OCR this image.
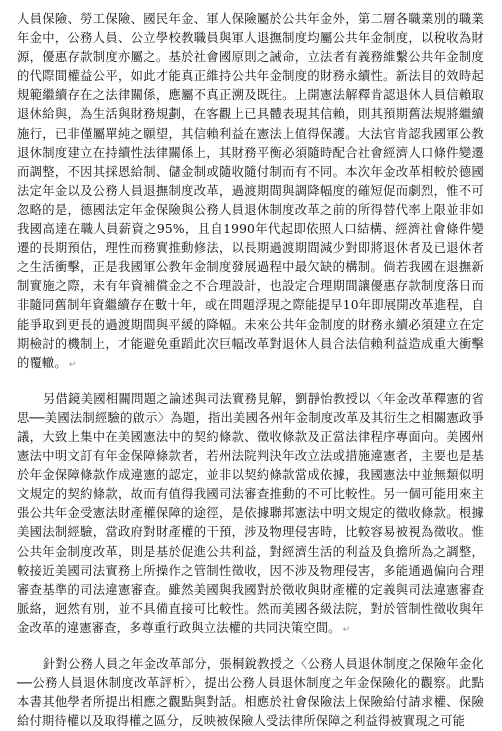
人員保險、勞工保險、國民年金、軍人保險屬於公共年金外，第二層各職業別的職業年金中，公務人員、公立學校教職員與軍人退撫制度均屬公共年金制度，以稅收為財源，優惠存款制度亦屬之。基於社會國原則之誡命，立法者有義務維繫公共年金制度的代際間權益公平，如此才能真正維持公共年金制度的財務永續性。新法目的效時起規範繼續存在之法律關係，應屬不真正溯及既往。上開憲法解釋肯認退休人員信賴取退休給與，為生活與財務規劃，在客觀上已具體表現其信賴，則其預期舊法規將繼續施行，已非僅屬單純之願望，其信賴利益在憲法上值得保護。大法官肯認我國軍公教退休制度建立在持續性法律關係上，其財務平衡必須隨時配合社會經濟人口條件變遷而調整，不因其採恩給制、儲金制或隨收隨付制而有不同。本次年金改革相較於德國法定年金以及公務人員退撫制度改革，過渡期間與調降幅度的確短促而劇烈，惟不可忽略的是，德國法定年金保險與公務人員退休制度改革之前的所得替代率上限並非如我國高達在職人員薪資之95%，且自1990年代起即依照人口結構、經濟社會條件變遷的長期預估，理性而務實推動修法，以長期過渡期間減少對即將退休者及已退休者之生活衝擊，正是我國軍公教年金制度發展過程中最欠缺的構制。倘若我國在退撫新制實施之際，未有年資補償金之不合理設計，也設定合理期間讓優惠存款制度落日而非隨同舊制年資繼續存在數十年，或在問題浮現之際能提早10年即展開改革進程，自能爭取到更長的過渡期間與平緩的降幅。未來公共年金制度的財務永續必須建立在定期檢討的機制上，才能避免重蹈此次巨幅改革對退休人員合法信賴利益造成重大衝擊的覆轍。 ↵

另借鏡美國相關問題之論述與司法實務見解，劉靜怡教授以〈年金改革釋憲的省思──美國法制經驗的啟示〉為題，指出美國各州年金制度改革及其衍生之相關憲政爭議，大致上集中在美國憲法中的契約條款、徵收條款及正當法律程序專面向。美國州憲法中明文訂有年金保障條款者，若州法院判決年改立法或措施違憲者，主要也是基於年金保障條款作成違憲的認定，並非以契約條款當成依據，我國憲法中並無類似明文規定的契約條款，故而有值得我國司法審查推動的不可比較性。另一個可能用來主張公共年金受憲法財產權保障的途徑，是依據聯邦憲法中明文規定的徵收條款。根據美國法制經驗，當政府對財產權的干預，涉及物理侵害時，比較容易被視為徵收。惟公共年金制度改革，則是基於促進公共利益，對經濟生活的利益及負擔所為之調整，較接近美國司法實務上所操作之管制性徵收，因不涉及物理侵害，多能通過偏向合理審查基準的司法違憲審查。雖然美國與我國對於徵收與財產權的定義與司法違憲審查脈絡，迥然有別，並不具備直接可比較性。然而美國各級法院，對於管制性徵收與年金改革的違憲審查，多尊重行政與立法權的共同決策空間。 ↵

針對公務人員之年金改革部分，張桐銳教授之〈公務人員退休制度之保險年金化──公務人員退休制度改革評析〉，提出公務人員退休制度之年金保險化的觀察。此點本書其他學者所提出相應之觀點與對話。相應於社會保險法上保險給付請求權、保險給付期待權以及取得權之區分，反映被保險人受法律所保障之利益得被實現之可能
